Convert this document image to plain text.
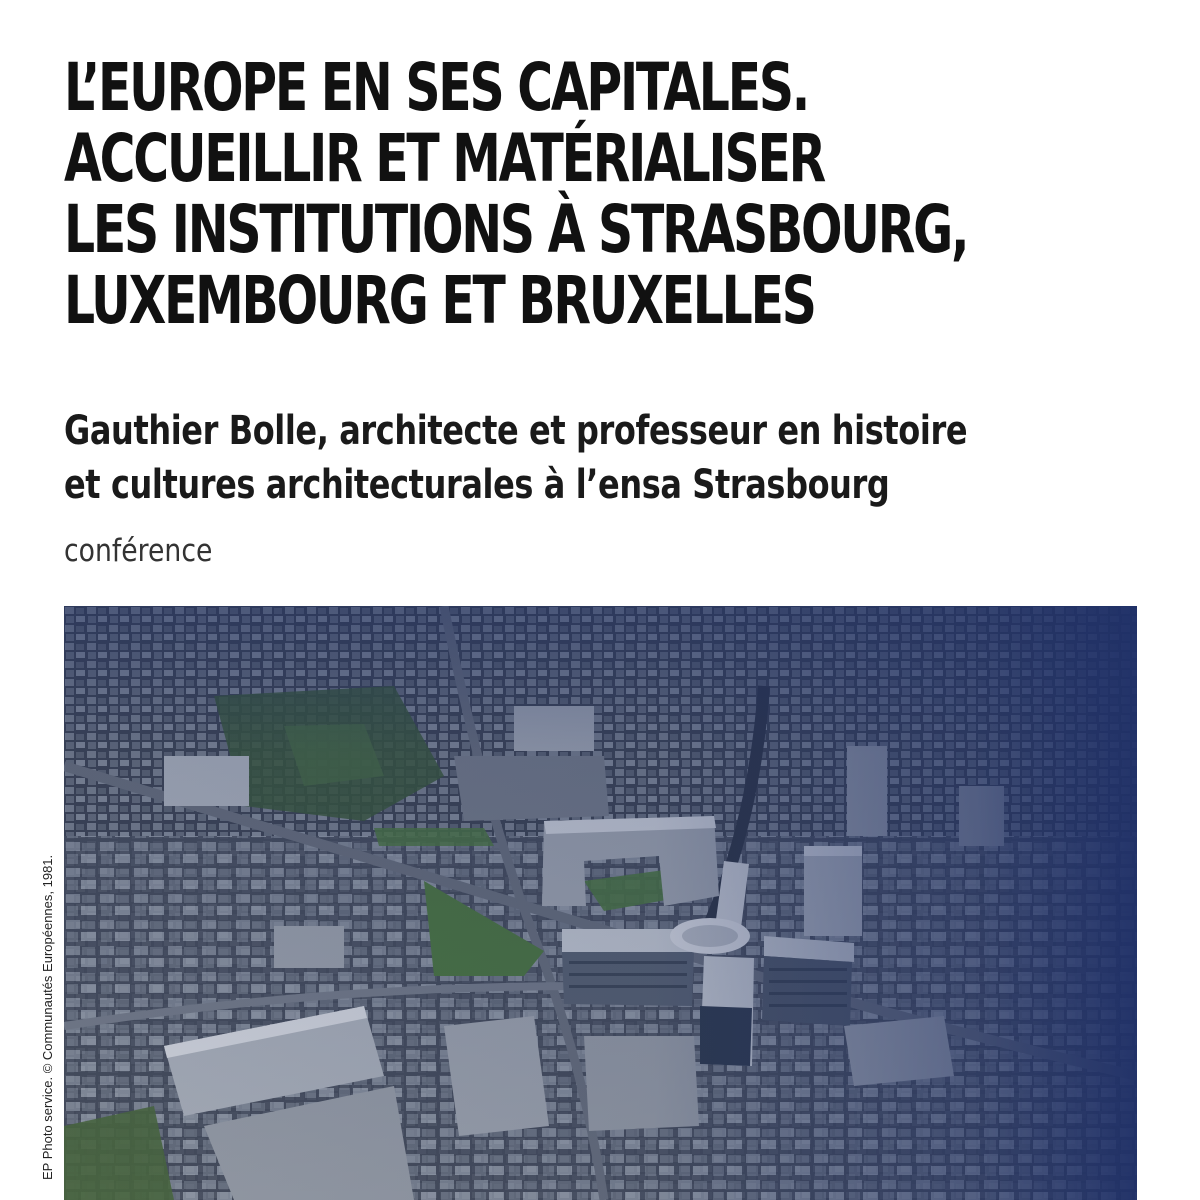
L’EUROPE EN SES CAPITALES.
ACCUEILLIR ET MATÉRIALISER
LES INSTITUTIONS À STRASBOURG,
LUXEMBOURG ET BRUXELLES
Gauthier Bolle, architecte et professeur en histoire
et cultures architecturales à l’ensa Strasbourg
conférence
EP Photo service. © Communautés Européennes, 1981.
